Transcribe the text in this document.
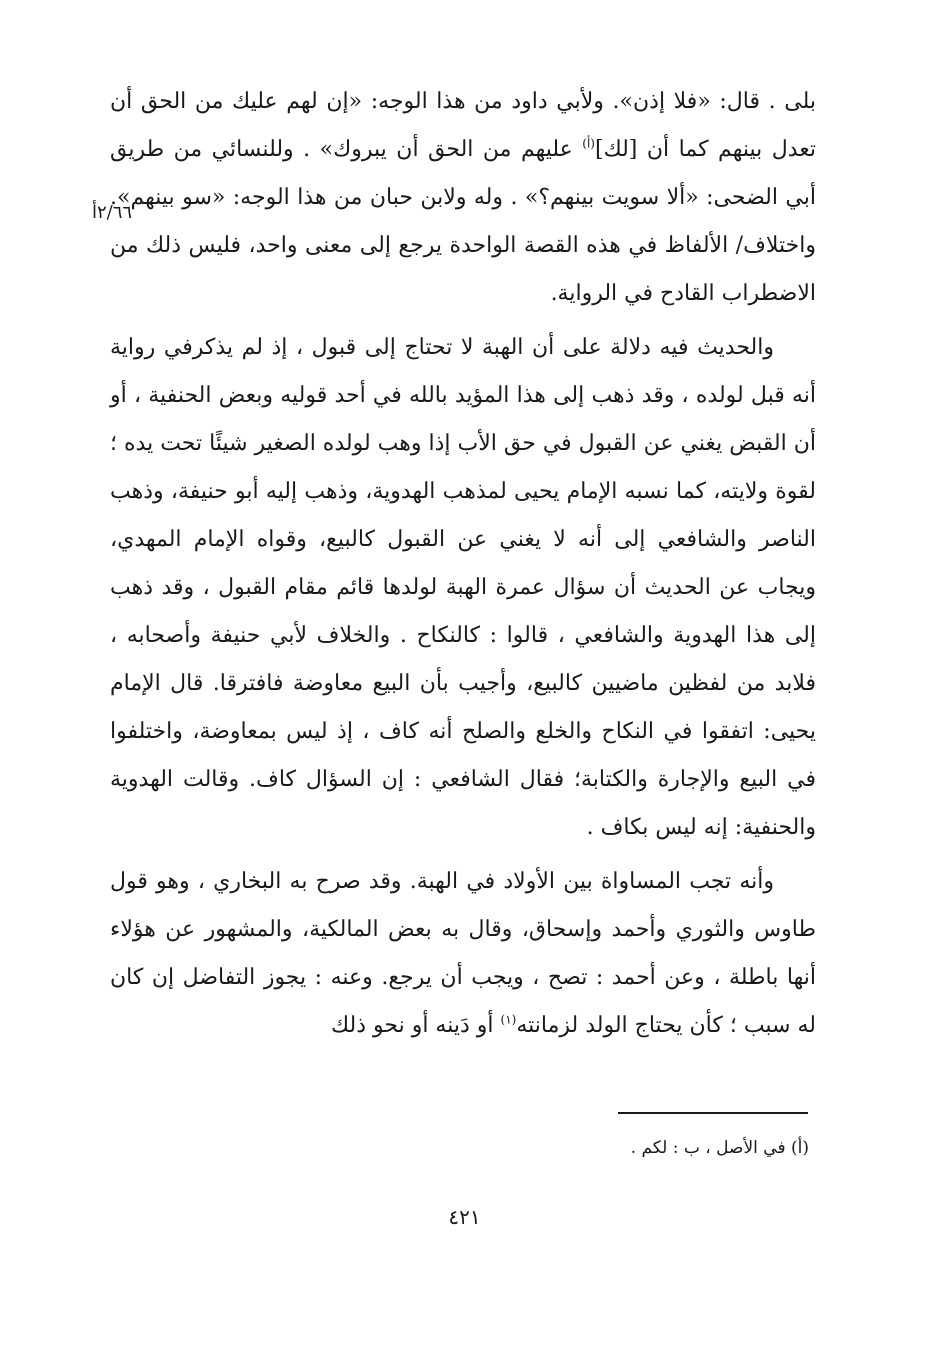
بلى . قال: «فلا إذن». ولأبي داود من هذا الوجه: «إن لهم عليك من الحق أن تعدل بينهم كما أن [لك]$^{(أ)}$ عليهم من الحق أن يبروك» . وللنسائي من طريق أبي الضحى: «ألا سويت بينهم؟» . وله ولابن حبان من هذا الوجه: «سو بينهم». واختلاف/ الألفاظ في هذه القصة الواحدة يرجع إلى معنى واحد، فليس ذلك من الاضطراب القادح في الرواية.

والحديث فيه دلالة على أن الهبة لا تحتاج إلى قبول ، إذ لم يذكرفي رواية أنه قبل لولده ، وقد ذهب إلى هذا المؤيد بالله في أحد قوليه وبعض الحنفية ، أو أن القبض يغني عن القبول في حق الأب إذا وهب لولده الصغير شيئًا تحت يده ؛ لقوة ولايته، كما نسبه الإمام يحيى لمذهب الهدوية، وذهب إليه أبو حنيفة، وذهب الناصر والشافعي إلى أنه لا يغني عن القبول كالبيع، وقواه الإمام المهدي، ويجاب عن الحديث أن سؤال عمرة الهبة لولدها قائم مقام القبول ، وقد ذهب إلى هذا الهدوية والشافعي ، قالوا : كالنكاح . والخلاف لأبي حنيفة وأصحابه ، فلابد من لفظين ماضيين كالبيع، وأجيب بأن البيع معاوضة فافترقا. قال الإمام يحيى: اتفقوا في النكاح والخلع والصلح أنه كاف ، إذ ليس بمعاوضة، واختلفوا في البيع والإجارة والكتابة؛ فقال الشافعي : إن السؤال كاف. وقالت الهدوية والحنفية: إنه ليس بكاف .

وأنه تجب المساواة بين الأولاد في الهبة. وقد صرح به البخاري ، وهو قول طاوس والثوري وأحمد وإسحاق، وقال به بعض المالكية، والمشهور عن هؤلاء أنها باطلة ، وعن أحمد : تصح ، ويجب أن يرجع. وعنه : يجوز التفاضل إن كان له سبب ؛ كأن يحتاج الولد لزمانته$^{(١)}$ أو دَينه أو نحو ذلك

٢/٦٦أ
(أ) في الأصل ، ب : لكم .
٤٢١
